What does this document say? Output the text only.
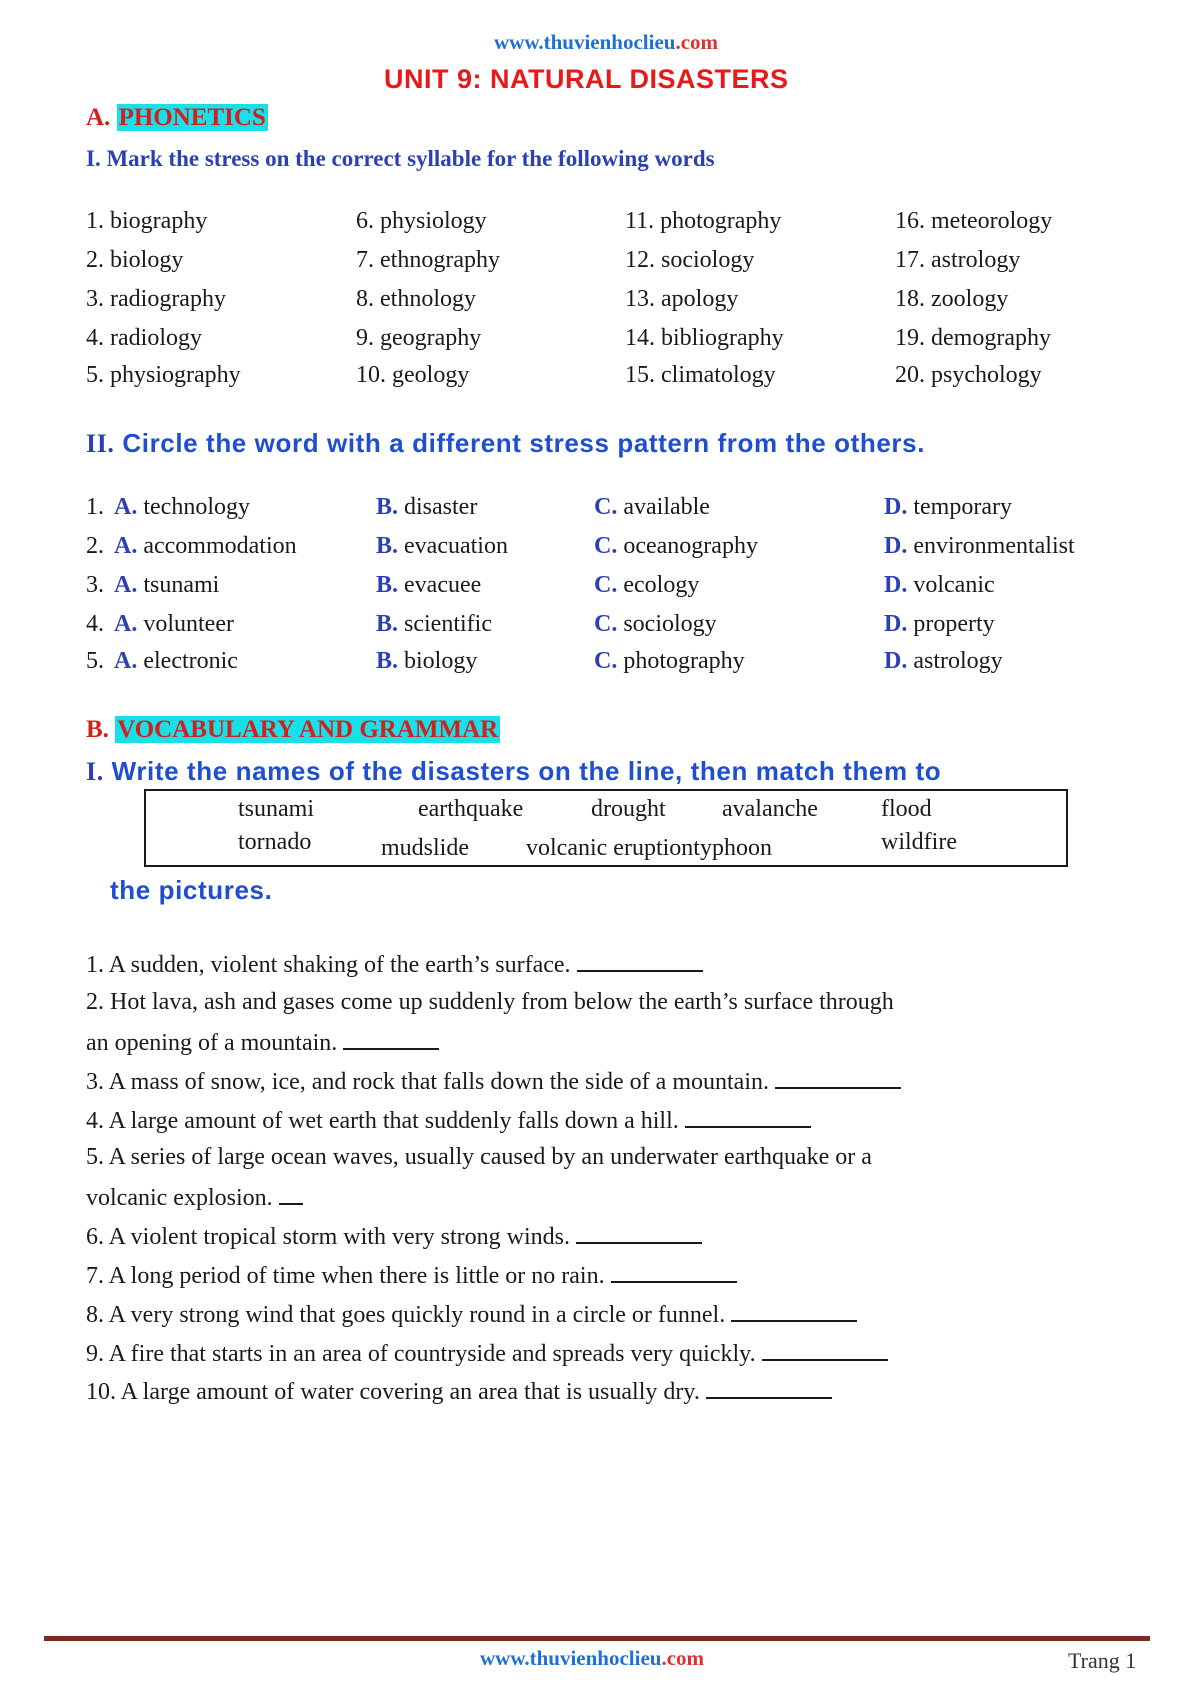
www.thuvienhoclieu.com
UNIT 9: NATURAL DISASTERS
A. PHONETICS
I. Mark the stress on the correct syllable for the following words
1. biography
2. biology
3. radiography
4. radiology
5. physiography
6. physiology
7. ethnography
8. ethnology
9. geography
10. geology
11. photography
12. sociology
13. apology
14. bibliography
15. climatology
16. meteorology
17. astrology
18. zoology
19. demography
20. psychology
II. Circle the word with a different stress pattern from the others.
1. A. technology	B. disaster	C. available	D. temporary
2. A. accommodation	B. evacuation	C. oceanography	D. environmentalist
3. A. tsunami	B. evacuee	C. ecology	D. volcanic
4. A. volunteer	B. scientific	C. sociology	D. property
5. A. electronic	B. biology	C. photography	D. astrology
B. VOCABULARY AND GRAMMAR
I. Write the names of the disasters on the line, then match them to
tsunami	earthquake	drought avalanche	flood
tornado	mudslide volcanic eruptiontyphoon	wildfire
the pictures.
1. A sudden, violent shaking of the earth’s surface.
2. Hot lava, ash and gases come up suddenly from below the earth’s surface through
an opening of a mountain.
3. A mass of snow, ice, and rock that falls down the side of a mountain.
4. A large amount of wet earth that suddenly falls down a hill.
5. A series of large ocean waves, usually caused by an underwater earthquake or a
volcanic explosion.
6. A violent tropical storm with very strong winds.
7. A long period of time when there is little or no rain.
8. A very strong wind that goes quickly round in a circle or funnel.
9. A fire that starts in an area of countryside and spreads very quickly.
10. A large amount of water covering an area that is usually dry.
www.thuvienhoclieu.com	Trang 1
